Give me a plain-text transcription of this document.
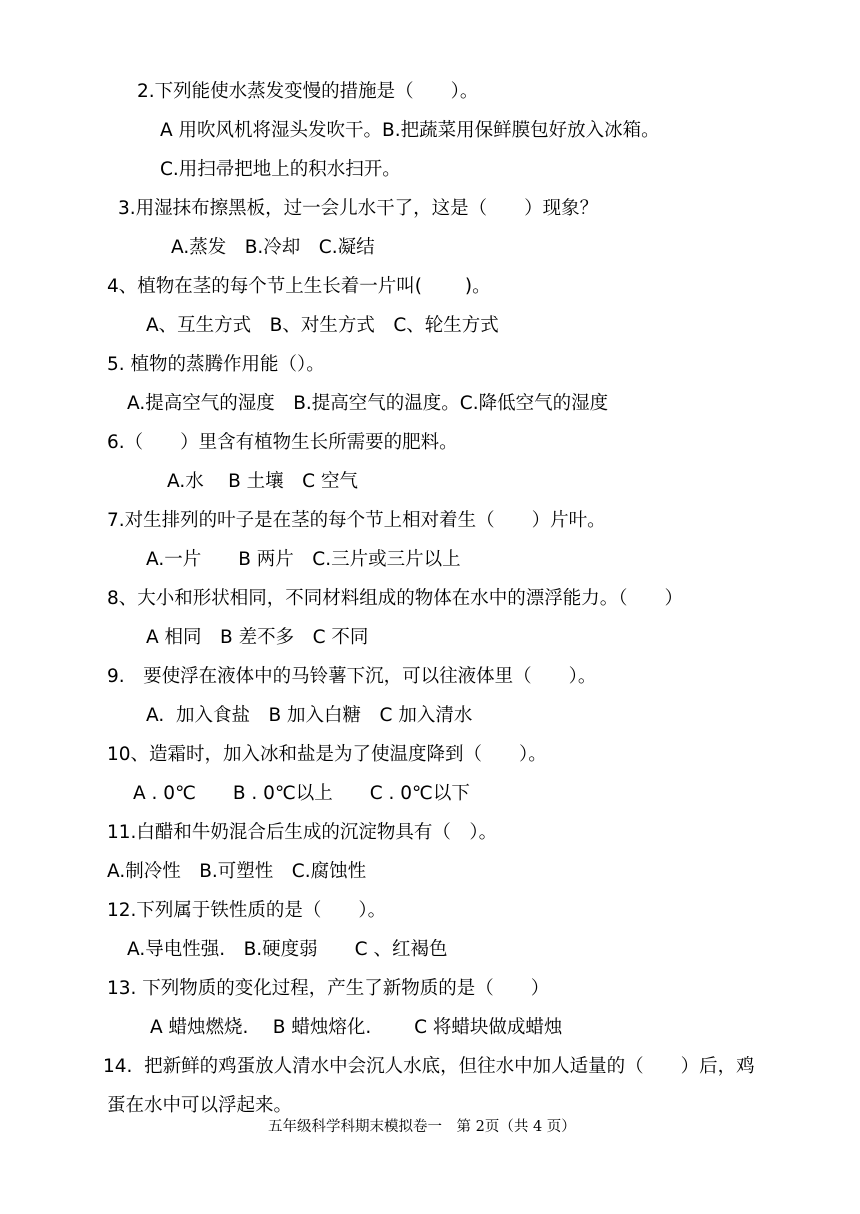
2.下列能使水蒸发变慢的措施是（　　）。
A 用吹风机将湿头发吹干。B.把蔬菜用保鲜膜包好放入冰箱。
C.用扫帚把地上的积水扫开。
3.用湿抹布擦黑板，过一会儿水干了，这是（　　）现象？
A.蒸发　B.冷却　C.凝结
4、植物在茎的每个节上生长着一片叫(　　 )。
A、互生方式　B、对生方式　C、轮生方式
5. 植物的蒸腾作用能（）。
A.提高空气的湿度　B.提高空气的温度。C.降低空气的湿度
6.（　　）里含有植物生长所需要的肥料。
A.水　 B 土壤　C 空气
7.对生排列的叶子是在茎的每个节上相对着生（　　）片叶。
A.一片　　B 两片　C.三片或三片以上
8、大小和形状相同，不同材料组成的物体在水中的漂浮能力。（　　）
A 相同　B 差不多　C 不同
9.　要使浮在液体中的马铃薯下沉，可以往液体里（　　）。
A.  加入食盐　B 加入白糖　C 加入清水
10、造霜时，加入冰和盐是为了使温度降到（　　）。
A . 0℃　　B . 0℃以上　　C . 0℃以下
11.白醋和牛奶混合后生成的沉淀物具有（　）。
A.制冷性　B.可塑性　C.腐蚀性
12.下列属于铁性质的是（　　）。
A.导电性强.　B.硬度弱　　C 、红褐色
13. 下列物质的变化过程，产生了新物质的是（　　）
A 蜡烛燃烧.　 B 蜡烛熔化.　　 C 将蜡块做成蜡烛
14.  把新鲜的鸡蛋放人清水中会沉人水底，但往水中加人适量的（　　）后，鸡
蛋在水中可以浮起来。
五年级科学科期末模拟卷一　第 2页（共 4 页）
